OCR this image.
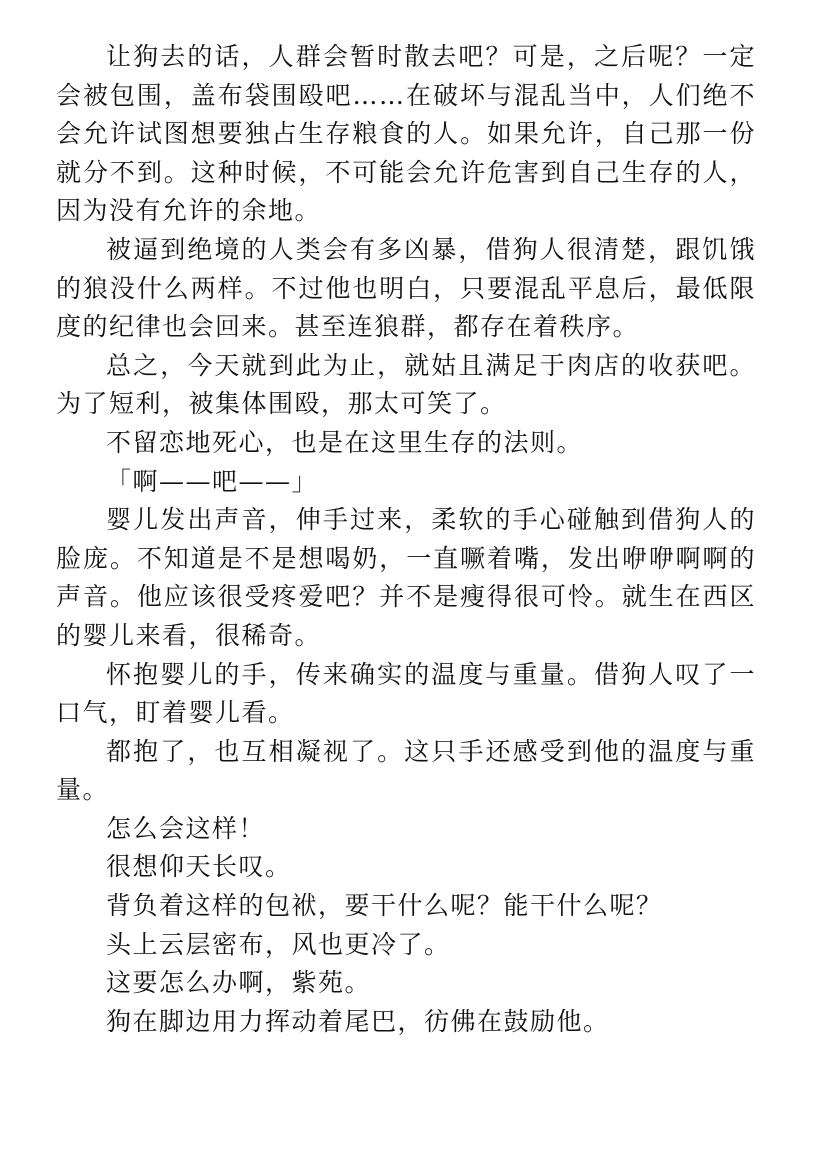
让狗去的话，人群会暂时散去吧？可是，之后呢？一定会被包围，盖布袋围殴吧……在破坏与混乱当中，人们绝不会允许试图想要独占生存粮食的人。如果允许，自己那一份就分不到。这种时候，不可能会允许危害到自己生存的人，因为没有允许的余地。

被逼到绝境的人类会有多凶暴，借狗人很清楚，跟饥饿的狼没什么两样。不过他也明白，只要混乱平息后，最低限度的纪律也会回来。甚至连狼群，都存在着秩序。

总之，今天就到此为止，就姑且满足于肉店的收获吧。为了短利，被集体围殴，那太可笑了。

不留恋地死心，也是在这里生存的法则。

「啊——吧——」

婴儿发出声音，伸手过来，柔软的手心碰触到借狗人的脸庞。不知道是不是想喝奶，一直噘着嘴，发出咿咿啊啊的声音。他应该很受疼爱吧？并不是瘦得很可怜。就生在西区的婴儿来看，很稀奇。

怀抱婴儿的手，传来确实的温度与重量。借狗人叹了一口气，盯着婴儿看。

都抱了，也互相凝视了。这只手还感受到他的温度与重量。

怎么会这样！

很想仰天长叹。

背负着这样的包袱，要干什么呢？能干什么呢？

头上云层密布，风也更冷了。

这要怎么办啊，紫苑。

狗在脚边用力挥动着尾巴，彷佛在鼓励他。
